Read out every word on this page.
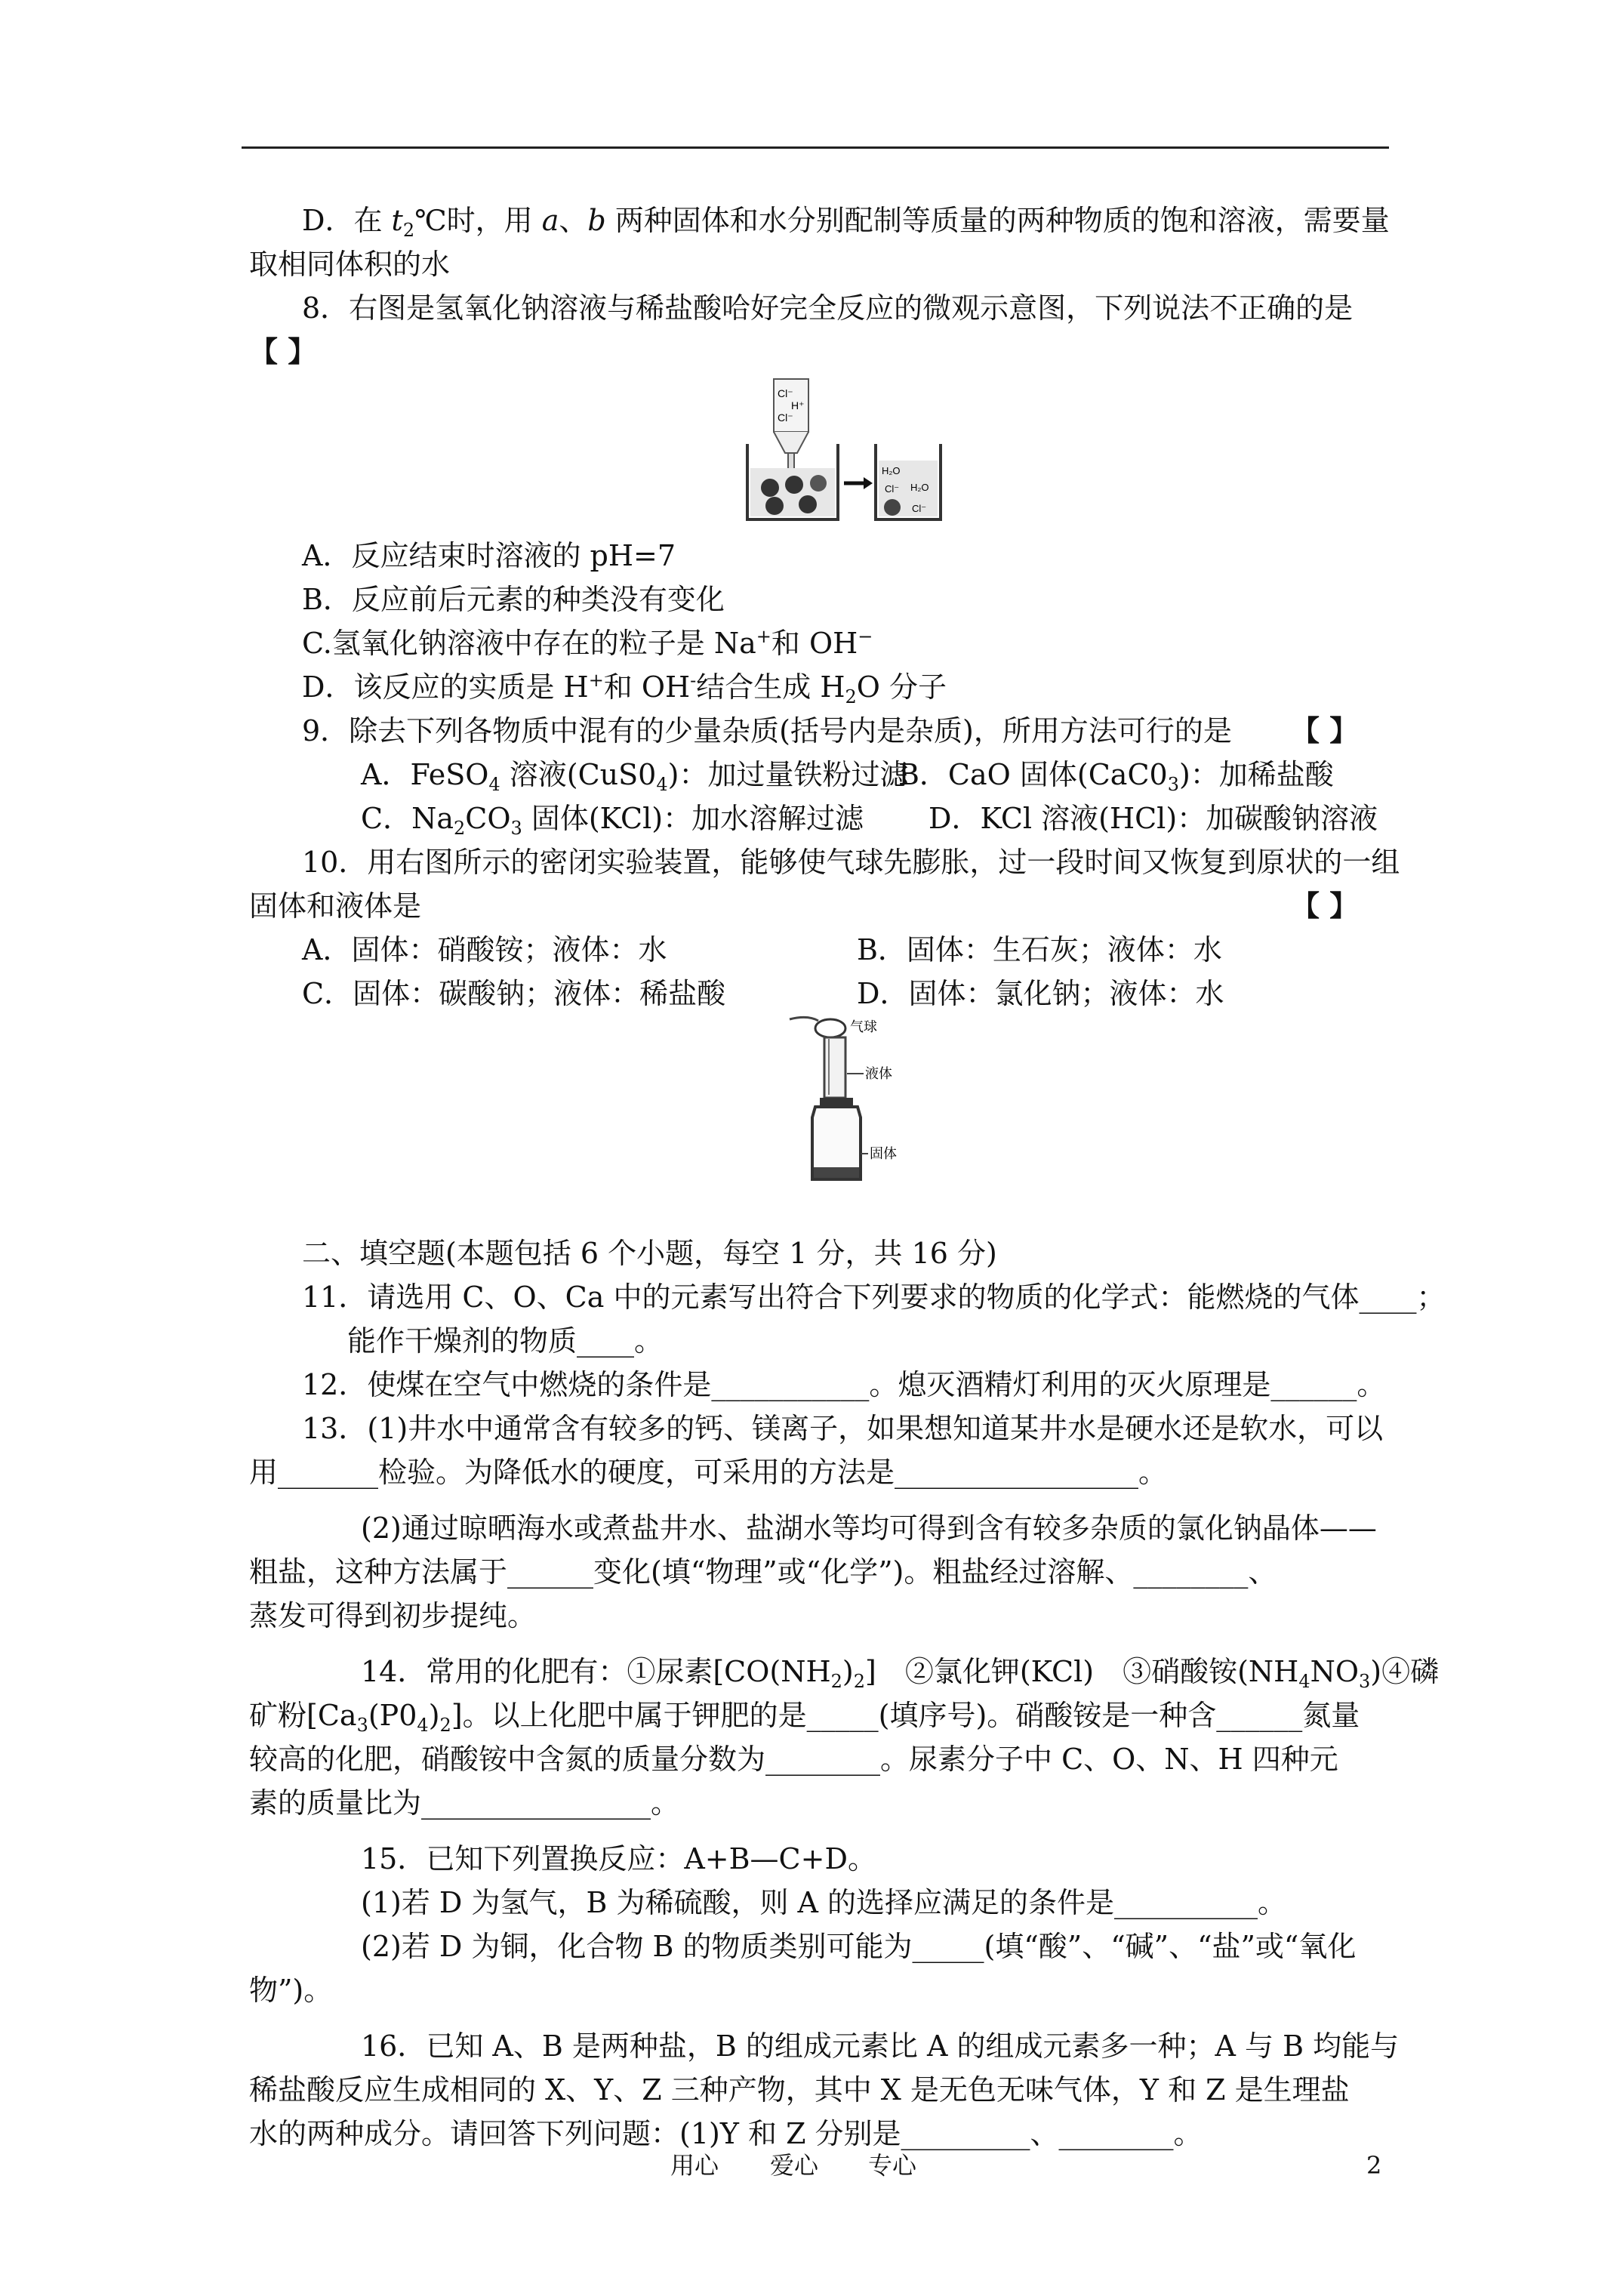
D．在 $t_2℃$时，用 a、b 两种固体和水分别配制等质量的两种物质的饱和溶液，需要量
取相同体积的水
8．右图是氢氧化钠溶液与稀盐酸哈好完全反应的微观示意图，下列说法不正确的是
【 】
Cl⁻
H⁺
Cl⁻
H₂O
Cl⁻ H₂O
Cl⁻
A．反应结束时溶液的 pH=7
B．反应前后元素的种类没有变化
C.氢氧化钠溶液中存在的粒子是 Na+和 OH−
D．该反应的实质是 H+和 OH-结合生成 $H_2O$ 分子
9．除去下列各物质中混有的少量杂质(括号内是杂质)，所用方法可行的是 【 】
A．FeSO$_4$ 溶液$(CuS0_4)$：加过量铁粉过滤
B．CaO 固体$(CaC0_3)$：加稀盐酸
C．$Na_2CO_3$ 固体(KCl)：加水溶解过滤 D．KCl 溶液(HCl)：加碳酸钠溶液
10．用右图所示的密闭实验装置，能够使气球先膨胀，过一段时间又恢复到原状的一组
固体和液体是	【 】
A．固体：硝酸铵；液体：水	B．固体：生石灰；液体：水
C．固体：碳酸钠；液体：稀盐酸	D．固体：氯化钠；液体：水
气球
液体
固体
二、填空题(本题包括 6 个小题，每空 1 分，共 16 分)
11．请选用 C、O、Ca 中的元素写出符合下列要求的物质的化学式：能燃烧的气体____；
能作干燥剂的物质____。
12．使煤在空气中燃烧的条件是___________。熄灭酒精灯利用的灭火原理是______。
13．(1)井水中通常含有较多的钙、镁离子，如果想知道某井水是硬水还是软水，可以
用_______检验。为降低水的硬度，可采用的方法是_________________。
(2)通过晾晒海水或煮盐井水、盐湖水等均可得到含有较多杂质的氯化钠晶体——
粗盐，这种方法属于______变化(填“物理”或“化学”)。粗盐经过溶解、________、
蒸发可得到初步提纯。
14．常用的化肥有：①尿素$[CO(NH_2)_2]$　②氯化钾(KCl)　③硝酸铵$(NH_4NO_3)④$磷
矿粉$[Ca_3(P0_4)_2]$。以上化肥中属于钾肥的是_____(填序号)。硝酸铵是一种含______氮量
较高的化肥，硝酸铵中含氮的质量分数为________。尿素分子中 C、O、N、H 四种元
素的质量比为________________。
15．已知下列置换反应：A+B—C+D。
(1)若 D 为氢气，B 为稀硫酸，则 A 的选择应满足的条件是__________。
(2)若 D 为铜，化合物 B 的物质类别可能为_____(填“酸”、“碱”、“盐”或“氧化
物”)。
16．已知 A、B 是两种盐，B 的组成元素比 A 的组成元素多一种；A 与 B 均能与
稀盐酸反应生成相同的 X、Y、Z 三种产物，其中 X 是无色无味气体，Y 和 Z 是生理盐
水的两种成分。请回答下列问题：(1)Y 和 Z 分别是_________、________。
用心 爱心 专心	2
